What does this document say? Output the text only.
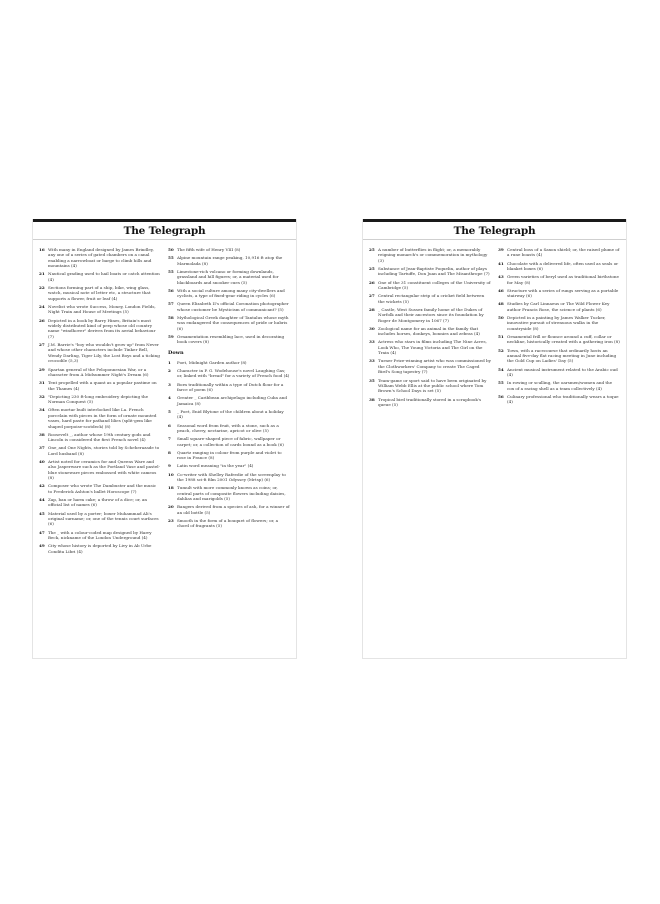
The Telegraph
16 With many in England designed by James Brindley, any one of a series of gated chambers on a canal enabling a narrowboat or barge to climb hills and mountains (4)
21 Nautical grading used to hail boats or catch attention (4)
22 Sections forming part of a ship, bike, wing glass, watch, musical note of letter etc, a structure that supports a flower, fruit or leaf (4)
24 Novelist who wrote Success, Money, London Fields, Night Train and House of Meetings (5)
26 Depicted in a book by Barry Hines, Britain's most widely distributed kind of peep whose old country name "windhover" derives from its aerial behaviour (7)
27 J.M. Barrie's "boy who wouldn't grow up" from Never and whose other characters include Tinker Bell, Wendy Darling, Tiger Lily, the Lost Boys and a ticking crocodile (5,3)
29 Spartan general of the Peloponnesian War, or a character from A Midsummer Night's Dream (6)
31 Tent propelled with a quant as a popular pastime on the Thames (4)
32 "Depicting 230 ft-long embroidery depicting the Norman Conquest (5)
34 Often mortar built interlocked like La. French porcelain with pieces in the form of ornate mounted vases, hard paste for pathand lilies (split-gem like shaped porpoise-scotdeck) (8)
38 Roosevelt _, author whose 19th century gods and Lincoln is considered the first French novel (4)
37 One_and One Nights, stories told by Scheherazade to Lord husband (8)
40 Artist noted for ceramics for and Queens Ware and also Jasperware such as the Portland Vase and pastel-blue stoneware pieces embossed with white cameos (8)
42 Composer who wrote The Dambuster and the music to Frederick Ashton's ballet Horoscope (7)
44 Zap, ban or harm cake; a throw of a dice; or, an official list of names (6)
45 Material used by a porter; boxer Muhammad Ali's original surname; or, one of the tennis court surfaces (6)
47 The _ with a colour-coded map designed by Harry Beck, nickname of the London Underground (4)
49 City whose history is deported by Livy in Ab Urbe Condita Libri (4)
50 The fifth wife of Henry VIII (8)
55 Alpine mountain range peaking, 10,916 ft atop the Marmolada (8)
55 Limestone-rich volcano or forming downlands, grassland and hill figures; or, a material used for blackboards and snooker cues (5)
56 With a social culture among many city-dwellers and cyclists, a type of fixed-gear riding in cycles (6)
57 Queen Elizabeth II's official Coronation photographer whose customer be Mysticism of communicant? (5)
58 Mythological Greek daughter of Tantalus whose myth was endangered the consequences of pride or hubris (6)
59 Ornamentation resembling lace, used in decorating book covers (8)
Down
1	Poet, Midnight Garden author (8)
2	Character in P. G. Wodehouse's novel Laughing Gas; or, linked with "bread" for a variety of French food (4)
3	Born traditionally within a type of Dutch flour for a farce of poem (6)
4	Greater _ Caribbean archipelago including Cuba and Jamaica (8)
5	_ Poet, Enid Blytone of the children about a holiday (4)
6	Seasonal word from fruit, with a stone, such as a peach, cherry, nectarine, apricot or olive (5)
7	Small square-shaped piece of fabric, wallpaper or carpet; or, a collection of cards bound as a book (6)
8	Quartz ranging in colour from purple and violet to rose in France (8)
9	Latin word meaning "in the year" (4)
10 Co-writer with Shelley Rafeedie of the screenplay to the 1988 sci-fi film 2001 Odyssey (Mrtsp) (6)
18 Tumult with more commonly known as coins; or, central parts of composite flowers including daisies, dahlias and marigolds (5)
20 Bangers derived from a species of ash, for a winner of an old bottle (5)
23 Smooth in the form of a bouquet of flowers; or, a chord of fragrants (5)
The Telegraph
25 A number of butterflies in flight; or, a memorably reigning monarch's or commemoration in mythology (3)
25 Substance of Jean-Baptiste Poquelin, author of plays including Tartuffe, Don Juan and The Misanthrope (7)
26 One of the 31 constituent colleges of the University of Cambridge (5)
27 Central rectangular strip of a cricket field between the wickets (5)
28 _ Castle, West Sussex family home of the Dukes of Norfolk and their ancestors since its foundation by Roger de Montgomery in 1067 (7)
30 Zoological name for an animal in the family that includes horses, donkeys, bonnies and zebras (4)
33 Actress who stars in films including The Nine Acres, Look Who, The Young Victoria and The Girl on the Train (4)
33 Turner Prize-winning artist who was commissioned by the Clothworkers' Company to create The Caged Bird's Song tapestry (7)
35 Team-game or sport said to have been originated by William Webb Ellis at the public school where Tom Brown's School Days is set (5)
38 Tropical bird traditionally stored in a scrapbook's queue (5)
39 Central boss of a Saxon shield; or, the raised plume of a rune boasts (4)
41 Chocolate with a delivered life, often used as seals or blanket boxes (6)
43 Green varieties of beryl used as traditional birthstone for May (8)
46 Structure with a series of rungs serving as a portable stairway (6)
48 Studies by Carl Linnaeus or The Wild Flower Key author Francis Rose, the science of plants (6)
50 Depicted in a painting by James Walker Tucker, innovative pursuit of strenuous walks in the countryside (8)
51 Ornamental frill or flounce around a cuff, collar or neckline, historically created with a gathering iron (8)
52 Town, with a racecourse that ordinarily hosts an annual five-day flat racing meeting in June including the Gold Cup on Ladies' Day (5)
54 Ancient musical instrument related to the Arabic oud (4)
55 In rowing or sculling, the oarsmen/women and the cox of a racing shell as a team collectively (4)
56 Culinary professional who traditionally wears a toque (4)
